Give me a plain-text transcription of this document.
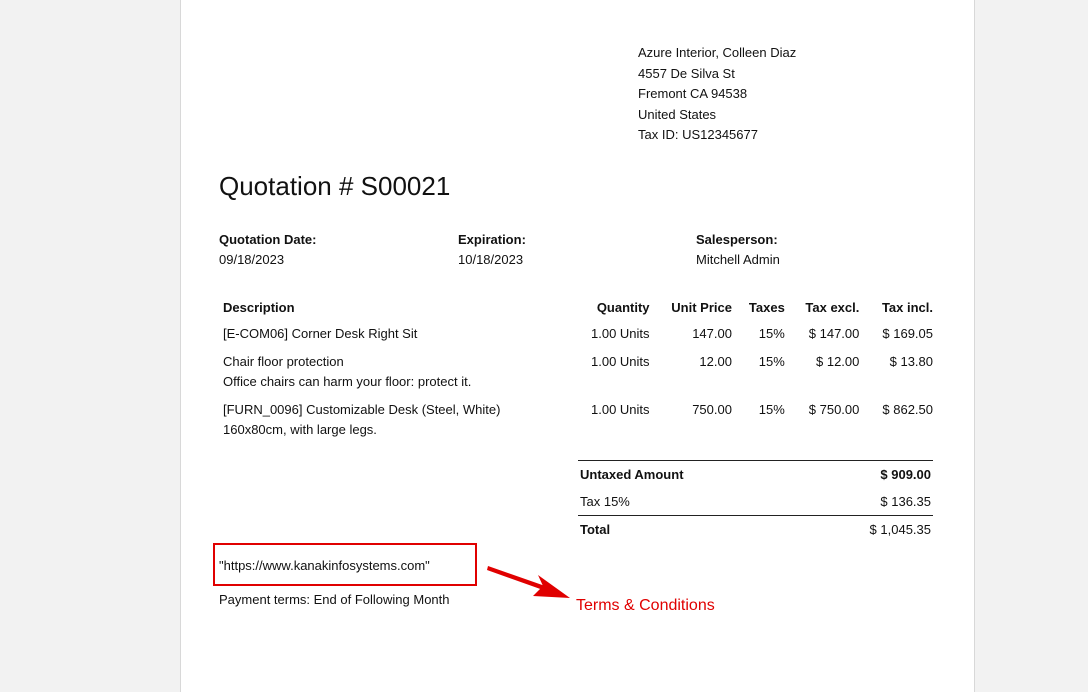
Azure Interior, Colleen Diaz
4557 De Silva St
Fremont CA 94538
United States
Tax ID: US12345677
Quotation # S00021
Quotation Date:
09/18/2023
Expiration:
10/18/2023
Salesperson:
Mitchell Admin
Description	Quantity	Unit Price	Taxes	Tax excl.	Tax incl.

[E-COM06] Corner Desk Right Sit	1.00 Units	147.00	15%	$ 147.00	$ 169.05

Chair floor protection
Office chairs can harm your floor: protect it.	1.00 Units	12.00	15%	$ 12.00	$ 13.80

[FURN_0096] Customizable Desk (Steel, White)
160x80cm, with large legs.	1.00 Units	750.00	15%	$ 750.00	$ 862.50
Untaxed Amount	$ 909.00
Tax 15%	$ 136.35
Total	$ 1,045.35
"https://www.kanakinfosystems.com"
Payment terms: End of Following Month	Terms & Conditions
